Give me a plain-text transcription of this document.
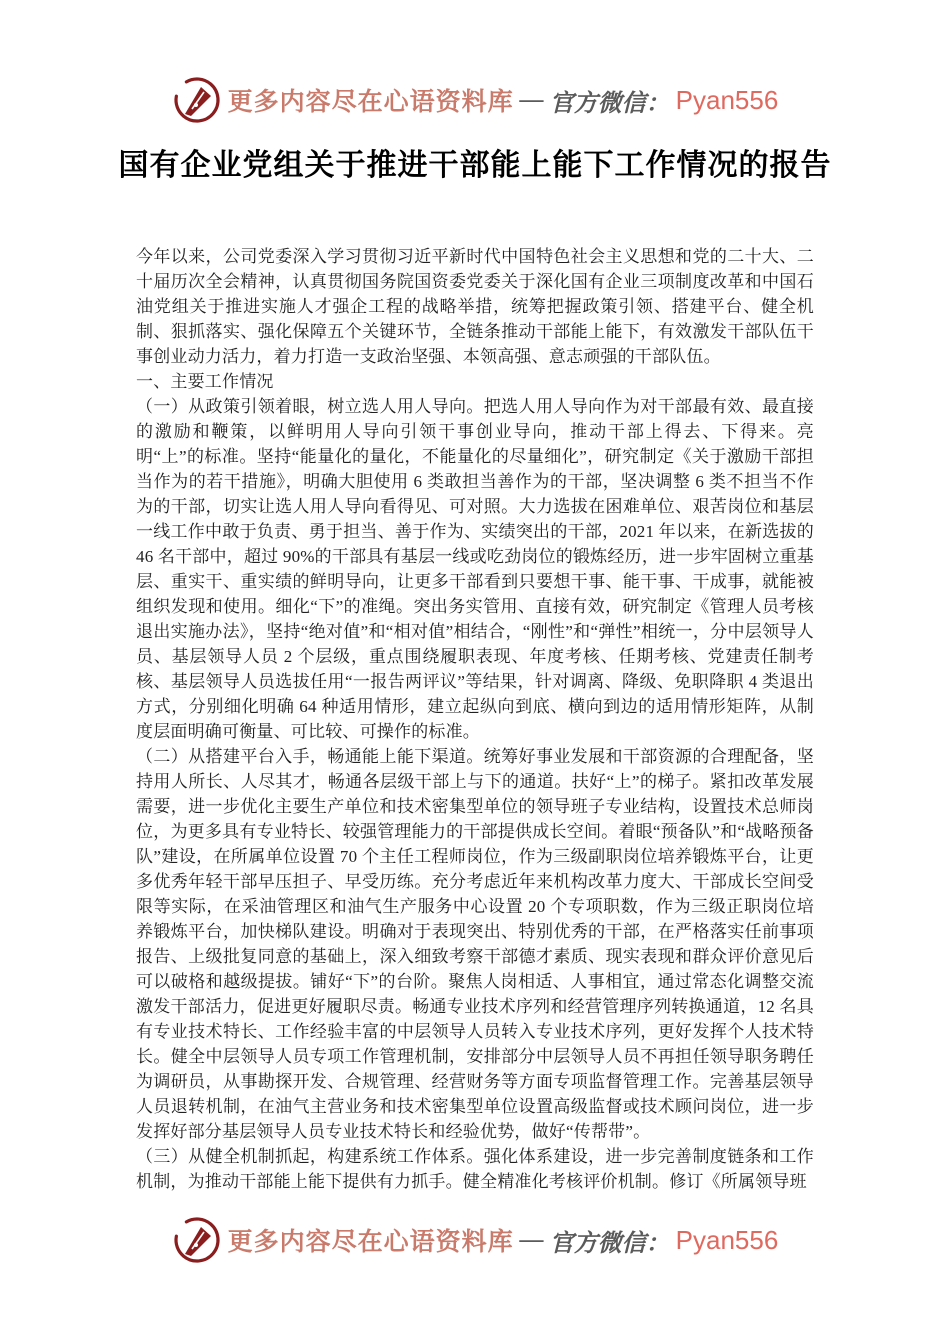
更多内容尽在心语资料库 — 官方微信： Pyan556
国有企业党组关于推进干部能上能下工作情况的报告

今年以来，公司党委深入学习贯彻习近平新时代中国特色社会主义思想和党的二十大、二十届历次全会精神，认真贯彻国务院国资委党委关于深化国有企业三项制度改革和中国石油党组关于推进实施人才强企工程的战略举措，统筹把握政策引领、搭建平台、健全机制、狠抓落实、强化保障五个关键环节，全链条推动干部能上能下，有效激发干部队伍干事创业动力活力，着力打造一支政治坚强、本领高强、意志顽强的干部队伍。

一、主要工作情况

（一）从政策引领着眼，树立选人用人导向。把选人用人导向作为对干部最有效、最直接的激励和鞭策，以鲜明用人导向引领干事创业导向，推动干部上得去、下得来。亮明“上”的标准。坚持“能量化的量化，不能量化的尽量细化”，研究制定《关于激励干部担当作为的若干措施》，明确大胆使用 6 类敢担当善作为的干部，坚决调整 6 类不担当不作为的干部，切实让选人用人导向看得见、可对照。大力选拔在困难单位、艰苦岗位和基层一线工作中敢于负责、勇于担当、善于作为、实绩突出的干部，2021 年以来，在新选拔的 46 名干部中，超过 90%的干部具有基层一线或吃劲岗位的锻炼经历，进一步牢固树立重基层、重实干、重实绩的鲜明导向，让更多干部看到只要想干事、能干事、干成事，就能被组织发现和使用。细化“下”的准绳。突出务实管用、直接有效，研究制定《管理人员考核退出实施办法》，坚持“绝对值”和“相对值”相结合，“刚性”和“弹性”相统一，分中层领导人员、基层领导人员 2 个层级，重点围绕履职表现、年度考核、任期考核、党建责任制考核、基层领导人员选拔任用“一报告两评议”等结果，针对调离、降级、免职降职 4 类退出方式，分别细化明确 64 种适用情形，建立起纵向到底、横向到边的适用情形矩阵，从制度层面明确可衡量、可比较、可操作的标准。

（二）从搭建平台入手，畅通能上能下渠道。统筹好事业发展和干部资源的合理配备，坚持用人所长、人尽其才，畅通各层级干部上与下的通道。扶好“上”的梯子。紧扣改革发展需要，进一步优化主要生产单位和技术密集型单位的领导班子专业结构，设置技术总师岗位，为更多具有专业特长、较强管理能力的干部提供成长空间。着眼“预备队”和“战略预备队”建设，在所属单位设置 70 个主任工程师岗位，作为三级副职岗位培养锻炼平台，让更多优秀年轻干部早压担子、早受历练。充分考虑近年来机构改革力度大、干部成长空间受限等实际，在采油管理区和油气生产服务中心设置 20 个专项职数，作为三级正职岗位培养锻炼平台，加快梯队建设。明确对于表现突出、特别优秀的干部，在严格落实任前事项报告、上级批复同意的基础上，深入细致考察干部德才素质、现实表现和群众评价意见后可以破格和越级提拔。铺好“下”的台阶。聚焦人岗相适、人事相宜，通过常态化调整交流激发干部活力，促进更好履职尽责。畅通专业技术序列和经营管理序列转换通道，12 名具有专业技术特长、工作经验丰富的中层领导人员转入专业技术序列，更好发挥个人技术特长。健全中层领导人员专项工作管理机制，安排部分中层领导人员不再担任领导职务聘任为调研员，从事勘探开发、合规管理、经营财务等方面专项监督管理工作。完善基层领导人员退转机制，在油气主营业务和技术密集型单位设置高级监督或技术顾问岗位，进一步发挥好部分基层领导人员专业技术特长和经验优势，做好“传帮带”。

（三）从健全机制抓起，构建系统工作体系。强化体系建设，进一步完善制度链条和工作机制，为推动干部能上能下提供有力抓手。健全精准化考核评价机制。修订《所属领导班

更多内容尽在心语资料库 — 官方微信： Pyan556
